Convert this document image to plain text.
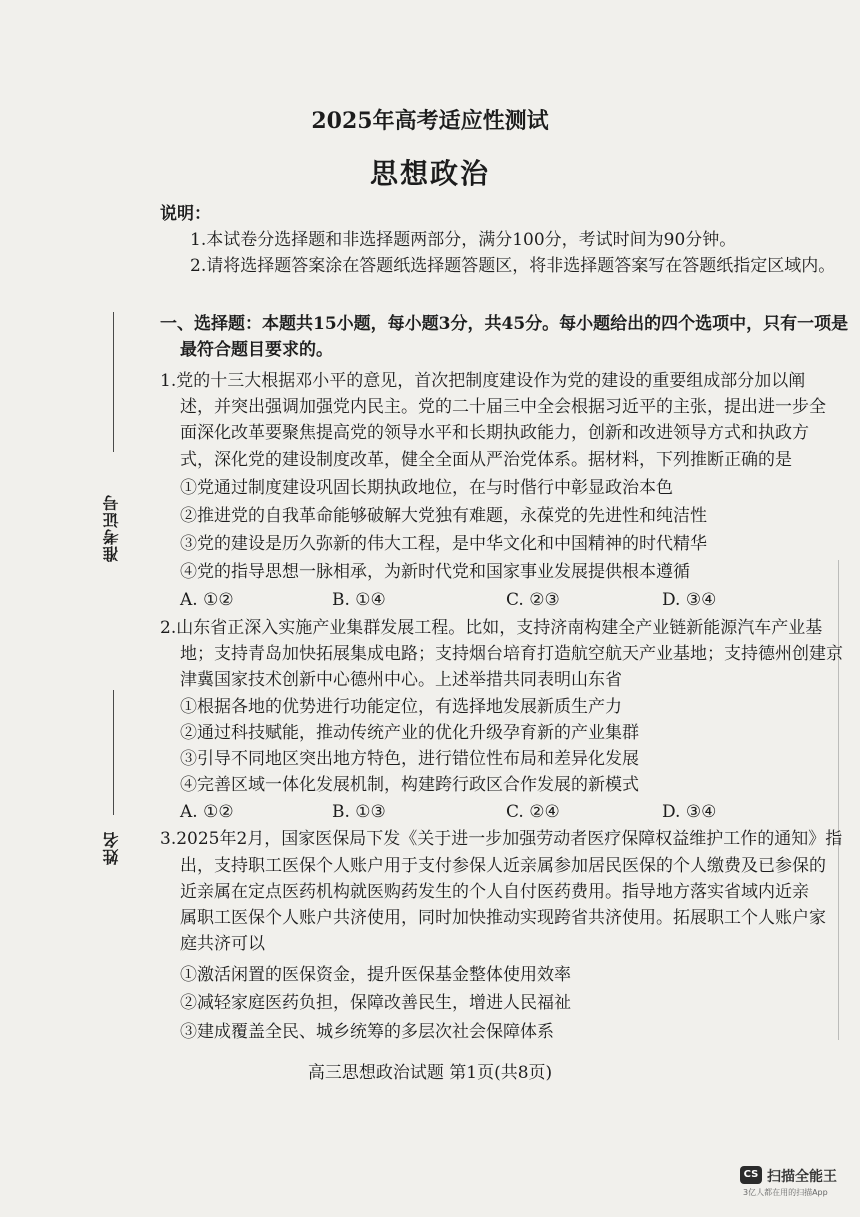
准考证号
姓名
2025年高考适应性测试
思想政治
说明：
1.本试卷分选择题和非选择题两部分，满分100分，考试时间为90分钟。
2.请将选择题答案涂在答题纸选择题答题区，将非选择题答案写在答题纸指定区域内。
一、选择题：本题共15小题，每小题3分，共45分。每小题给出的四个选项中，只有一项是
最符合题目要求的。
1.党的十三大根据邓小平的意见，首次把制度建设作为党的建设的重要组成部分加以阐
述，并突出强调加强党内民主。党的二十届三中全会根据习近平的主张，提出进一步全
面深化改革要聚焦提高党的领导水平和长期执政能力，创新和改进领导方式和执政方
式，深化党的建设制度改革，健全全面从严治党体系。据材料，下列推断正确的是
①党通过制度建设巩固长期执政地位，在与时偕行中彰显政治本色
②推进党的自我革命能够破解大党独有难题，永葆党的先进性和纯洁性
③党的建设是历久弥新的伟大工程，是中华文化和中国精神的时代精华
④党的指导思想一脉相承，为新时代党和国家事业发展提供根本遵循
A. ①②	B. ①④	C. ②③	D. ③④
2.山东省正深入实施产业集群发展工程。比如，支持济南构建全产业链新能源汽车产业基
地；支持青岛加快拓展集成电路；支持烟台培育打造航空航天产业基地；支持德州创建京
津冀国家技术创新中心德州中心。上述举措共同表明山东省
①根据各地的优势进行功能定位，有选择地发展新质生产力
②通过科技赋能，推动传统产业的优化升级孕育新的产业集群
③引导不同地区突出地方特色，进行错位性布局和差异化发展
④完善区域一体化发展机制，构建跨行政区合作发展的新模式
A. ①②	B. ①③	C. ②④	D. ③④
3.2025年2月，国家医保局下发《关于进一步加强劳动者医疗保障权益维护工作的通知》指
出，支持职工医保个人账户用于支付参保人近亲属参加居民医保的个人缴费及已参保的
近亲属在定点医药机构就医购药发生的个人自付医药费用。指导地方落实省域内近亲
属职工医保个人账户共济使用，同时加快推动实现跨省共济使用。拓展职工个人账户家
庭共济可以
①激活闲置的医保资金，提升医保基金整体使用效率
②减轻家庭医药负担，保障改善民生，增进人民福祉
③建成覆盖全民、城乡统筹的多层次社会保障体系
高三思想政治试题 第1页(共8页)
CS 扫描全能王
3亿人都在用的扫描App
